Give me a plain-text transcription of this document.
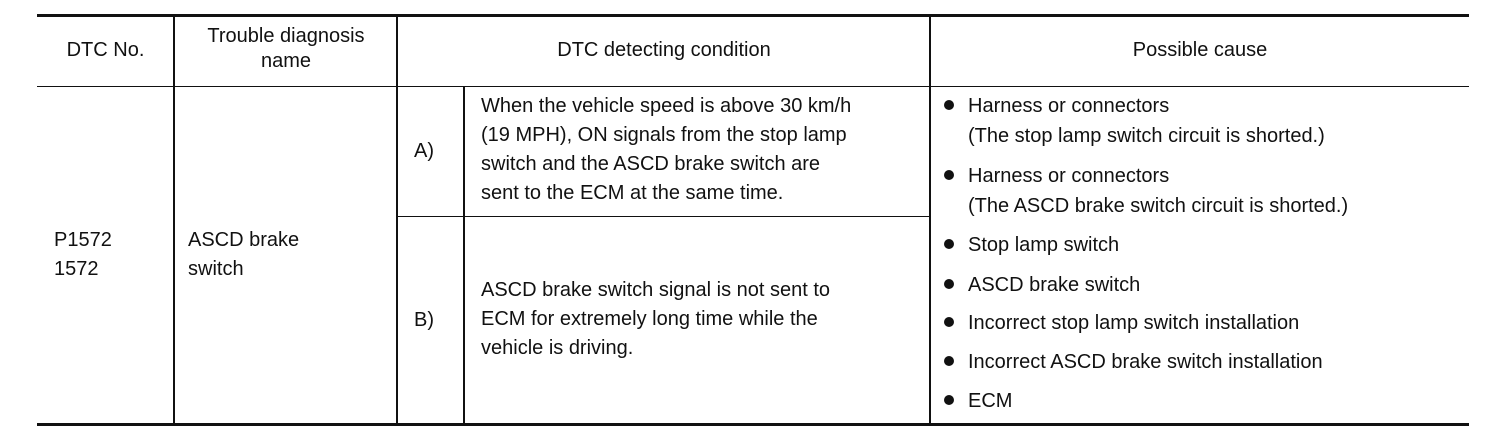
DTC No.
Trouble diagnosis
name	DTC detecting condition	Possible cause
P1572
1572
ASCD brake
switch
A)
When the vehicle speed is above 30 km/h
(19 MPH), ON signals from the stop lamp
switch and the ASCD brake switch are
sent to the ECM at the same time.
B)
ASCD brake switch signal is not sent to
ECM for extremely long time while the
vehicle is driving.
Harness or connectors
(The stop lamp switch circuit is shorted.)
Harness or connectors
(The ASCD brake switch circuit is shorted.)
Stop lamp switch
ASCD brake switch
Incorrect stop lamp switch installation
Incorrect ASCD brake switch installation
ECM
